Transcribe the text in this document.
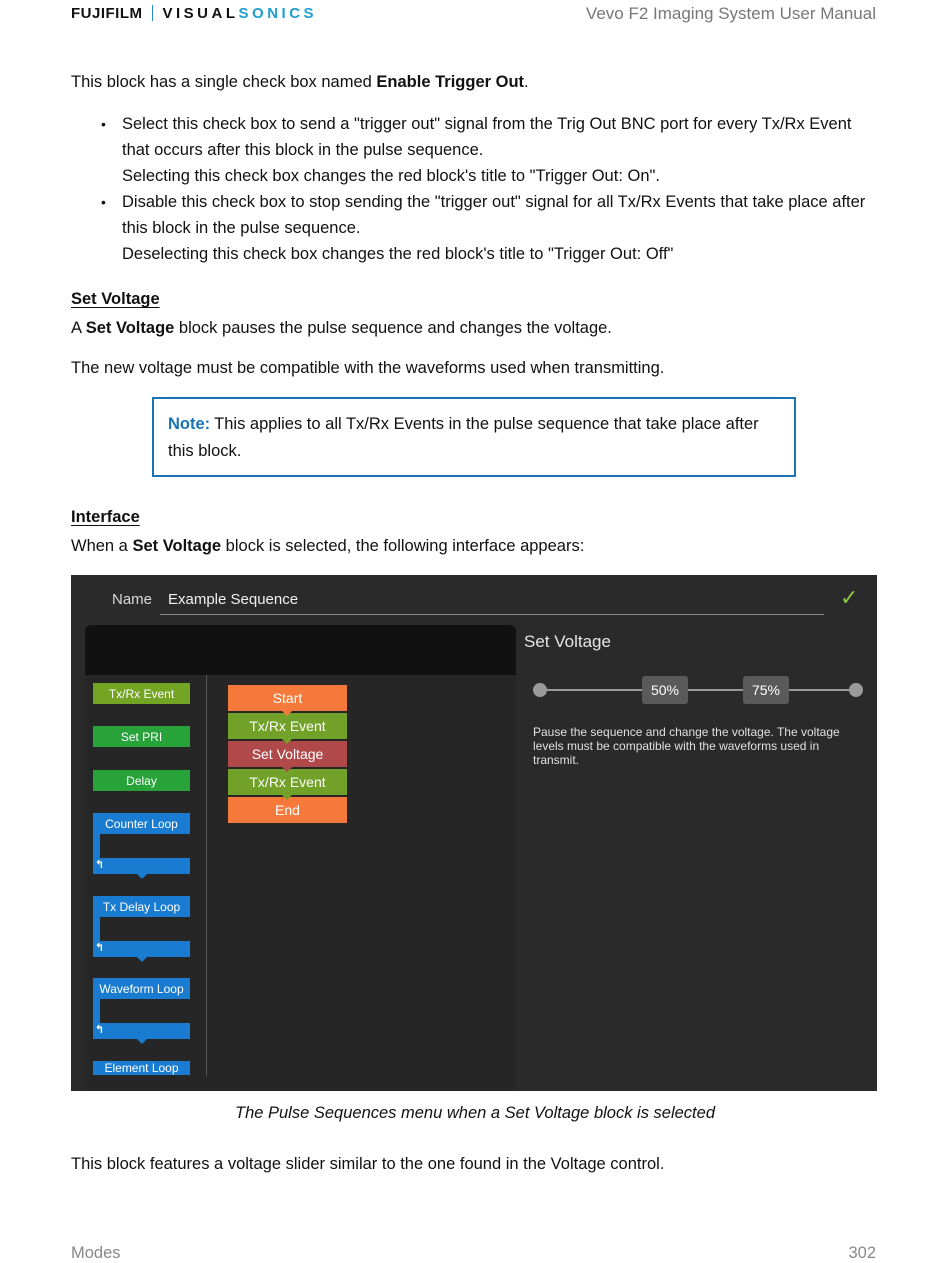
FUJIFILM VISUALSONICS	Vevo F2 Imaging System User Manual

This block has a single check box named Enable Trigger Out.

• Select this check box to send a "trigger out" signal from the Trig Out BNC port for every Tx/Rx Event that occurs after this block in the pulse sequence.
Selecting this check box changes the red block's title to "Trigger Out: On".
• Disable this check box to stop sending the "trigger out" signal for all Tx/Rx Events that take place after this block in the pulse sequence.
Deselecting this check box changes the red block's title to "Trigger Out: Off"
Set Voltage

A Set Voltage block pauses the pulse sequence and changes the voltage.

The new voltage must be compatible with the waveforms used when transmitting.

Note: This applies to all Tx/Rx Events in the pulse sequence that take place after this block.
Interface

When a Set Voltage block is selected, the following interface appears:

Name Example Sequence	✓
Tx/Rx Event
Set PRI
Delay
Counter Loop
↰
Tx Delay Loop
↰
Waveform Loop
↰
Element Loop
Start
Tx/Rx Event
Set Voltage
Tx/Rx Event
End
Set Voltage
50%	75%
Pause the sequence and change the voltage. The voltage levels must be compatible with the waveforms used in transmit.
The Pulse Sequences menu when a Set Voltage block is selected

This block features a voltage slider similar to the one found in the Voltage control.

Modes	302
